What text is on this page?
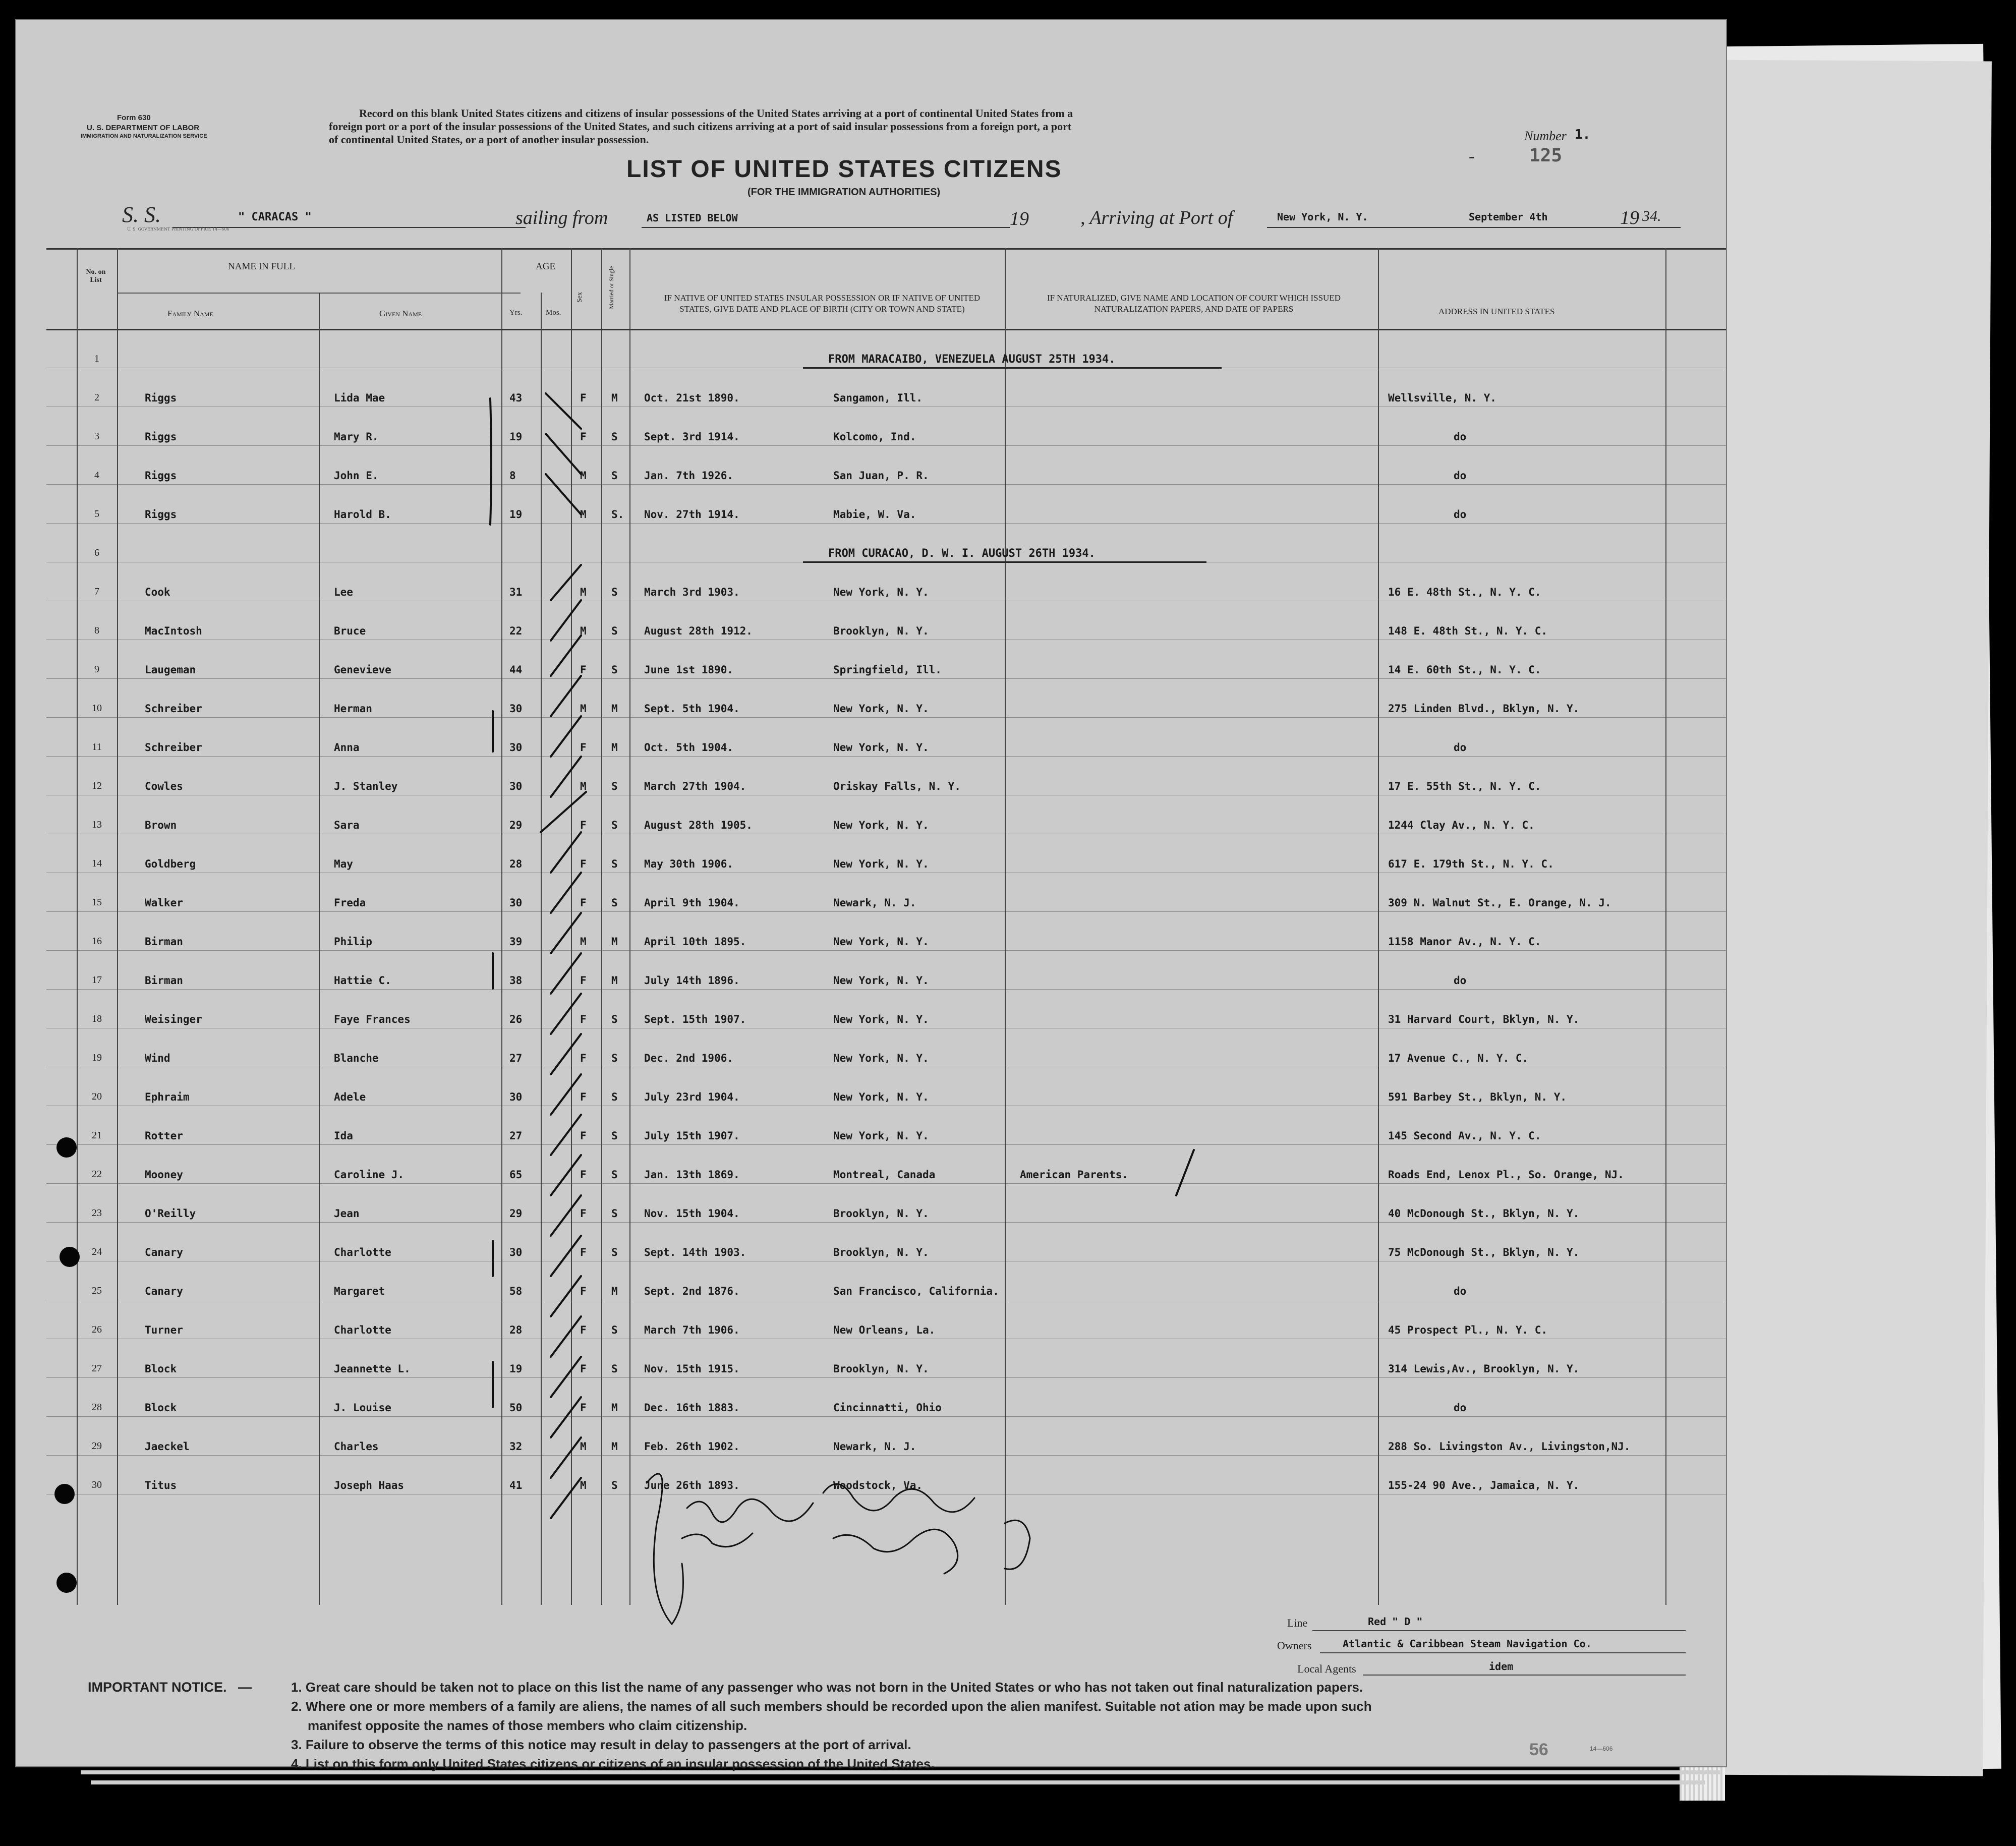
Form 630
U. S. DEPARTMENT OF LABOR
IMMIGRATION AND NATURALIZATION SERVICE
Record on this blank United States citizens and citizens of insular possessions of the United States arriving at a port of continental United States from a
foreign port or a port of the insular possessions of the United States, and such citizens arriving at a port of said insular possessions from a foreign port, a port
of continental United States, or a port of another insular possession.
LIST OF UNITED STATES CITIZENS
(FOR THE IMMIGRATION AUTHORITIES)
Number 1.
125
-
S. S.	" CARACAS "	sailing from	AS LISTED BELOW	19	, Arriving at Port of	New York, N. Y.	September 4th	19 34.
U. S. GOVERNMENT PRINTING OFFICE 14—606
No. on List
NAME IN FULL
Family Name	Given Name
AGE
Yrs.	Mos.
Sex	Married or Single	IF NATIVE OF UNITED STATES INSULAR POSSESSION OR IF NATIVE OF UNITED STATES, GIVE DATE AND PLACE OF BIRTH (CITY OR TOWN AND STATE)
IF NATURALIZED, GIVE NAME AND LOCATION OF COURT WHICH ISSUED NATURALIZATION PAPERS, AND DATE OF PAPERS	ADDRESS IN UNITED STATES
1	FROM MARACAIBO, VENEZUELA AUGUST 25TH 1934.
2	Riggs	Lida Mae	43	F M Oct. 21st 1890.	Sangamon, Ill.	Wellsville, N. Y.
3	Riggs	Mary R.	19	F S Sept. 3rd 1914.	Kolcomo, Ind.	do
4	Riggs	John E.	8	M S Jan. 7th 1926.	San Juan, P. R.	do
5	Riggs	Harold B.	19	M S. Nov. 27th 1914.	Mabie, W. Va.	do
6	FROM CURACAO, D. W. I. AUGUST 26TH 1934.
7	Cook	Lee	31	M S March 3rd 1903.	New York, N. Y.	16 E. 48th St., N. Y. C.
8	MacIntosh	Bruce	22	M S August 28th 1912.	Brooklyn, N. Y.	148 E. 48th St., N. Y. C.
9	Laugeman	Genevieve	44	F S June 1st 1890.	Springfield, Ill.	14 E. 60th St., N. Y. C.
10	Schreiber	Herman	30	M M Sept. 5th 1904.	New York, N. Y.	275 Linden Blvd., Bklyn, N. Y.
11	Schreiber	Anna	30	F M Oct. 5th 1904.	New York, N. Y.	do
12	Cowles	J. Stanley	30	M S March 27th 1904.	Oriskay Falls, N. Y.	17 E. 55th St., N. Y. C.
13	Brown	Sara	29	F S August 28th 1905.	New York, N. Y.	1244 Clay Av., N. Y. C.
14	Goldberg	May	28	F S May 30th 1906.	New York, N. Y.	617 E. 179th St., N. Y. C.
15	Walker	Freda	30	F S April 9th 1904.	Newark, N. J.	309 N. Walnut St., E. Orange, N. J.
16	Birman	Philip	39	M M April 10th 1895.	New York, N. Y.	1158 Manor Av., N. Y. C.
17	Birman	Hattie C.	38	F M July 14th 1896.	New York, N. Y.	do
18	Weisinger	Faye Frances	26	F S Sept. 15th 1907.	New York, N. Y.	31 Harvard Court, Bklyn, N. Y.
19	Wind	Blanche	27	F S Dec. 2nd 1906.	New York, N. Y.	17 Avenue C., N. Y. C.
20	Ephraim	Adele	30	F S July 23rd 1904.	New York, N. Y.	591 Barbey St., Bklyn, N. Y.
21	Rotter	Ida	27	F S July 15th 1907.	New York, N. Y.	145 Second Av., N. Y. C.
22	Mooney	Caroline J.	65	F S Jan. 13th 1869.	Montreal, Canada	American Parents.	Roads End, Lenox Pl., So. Orange, NJ.
23	O'Reilly	Jean	29	F S Nov. 15th 1904.	Brooklyn, N. Y.	40 McDonough St., Bklyn, N. Y.
24	Canary	Charlotte	30	F S Sept. 14th 1903.	Brooklyn, N. Y.	75 McDonough St., Bklyn, N. Y.
25	Canary	Margaret	58	F M Sept. 2nd 1876.	San Francisco, California.	do
26	Turner	Charlotte	28	F S March 7th 1906.	New Orleans, La.	45 Prospect Pl., N. Y. C.
27	Block	Jeannette L.	19	F S Nov. 15th 1915.	Brooklyn, N. Y.	314 Lewis,Av., Brooklyn, N. Y.
28	Block	J. Louise	50	F M Dec. 16th 1883.	Cincinnatti, Ohio	do
29	Jaeckel	Charles	32	M M Feb. 26th 1902.	Newark, N. J.	288 So. Livingston Av., Livingston,NJ.
30	Titus	Joseph Haas	41	M S June 26th 1893.	Woodstock, Va.	155-24 90 Ave., Jamaica, N. Y.
Line	Red " D "
Owners	Atlantic & Caribbean Steam Navigation Co.
Local Agents	idem
IMPORTANT NOTICE. —	1. Great care should be taken not to place on this list the name of any passenger who was not born in the United States or who has not taken out final naturalization papers.
2. Where one or more members of a family are aliens, the names of all such members should be recorded upon the alien manifest. Suitable not ation may be made upon such
manifest opposite the names of those members who claim citizenship.
3. Failure to observe the terms of this notice may result in delay to passengers at the port of arrival.
4. List on this form only United States citizens or citizens of an insular possession of the United States.
56	14—606
